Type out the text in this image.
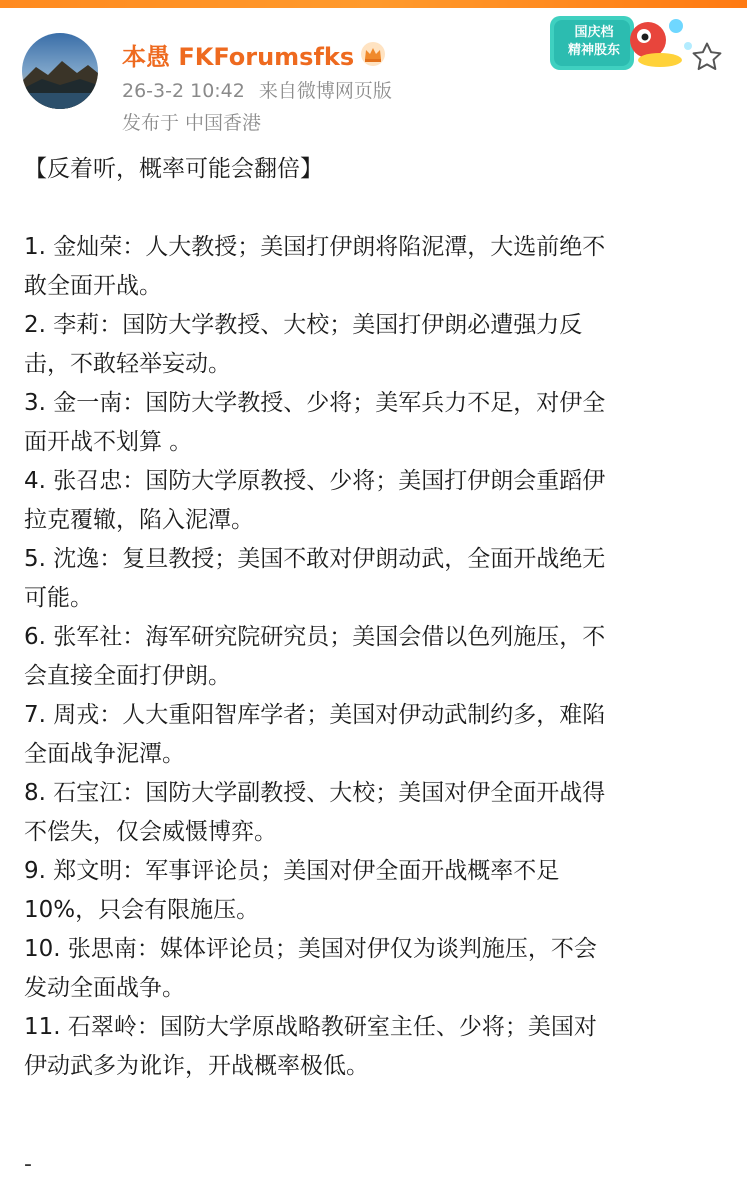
本愚 FKForumsfks
26-3-2 10:42 来自微博网页版
发布于 中国香港
国庆档
精神股东

【反着听，概率可能会翻倍】

1. 金灿荣：人大教授；美国打伊朗将陷泥潭，大选前绝不
敢全面开战。

2. 李莉：国防大学教授、大校；美国打伊朗必遭强力反
击，不敢轻举妄动。

3. 金一南：国防大学教授、少将；美军兵力不足，对伊全
面开战不划算 。

4. 张召忠：国防大学原教授、少将；美国打伊朗会重蹈伊
拉克覆辙，陷入泥潭。

5. 沈逸：复旦教授；美国不敢对伊朗动武，全面开战绝无
可能。

6. 张军社：海军研究院研究员；美国会借以色列施压，不
会直接全面打伊朗。

7. 周戎：人大重阳智库学者；美国对伊动武制约多，难陷
全面战争泥潭。

8. 石宝江：国防大学副教授、大校；美国对伊全面开战得
不偿失，仅会威慑博弈。

9. 郑文明：军事评论员；美国对伊全面开战概率不足
10%，只会有限施压。

10. 张思南：媒体评论员；美国对伊仅为谈判施压，不会
发动全面战争。

11. 石翠岭：国防大学原战略教研室主任、少将；美国对
伊动武多为讹诈，开战概率极低。

-
